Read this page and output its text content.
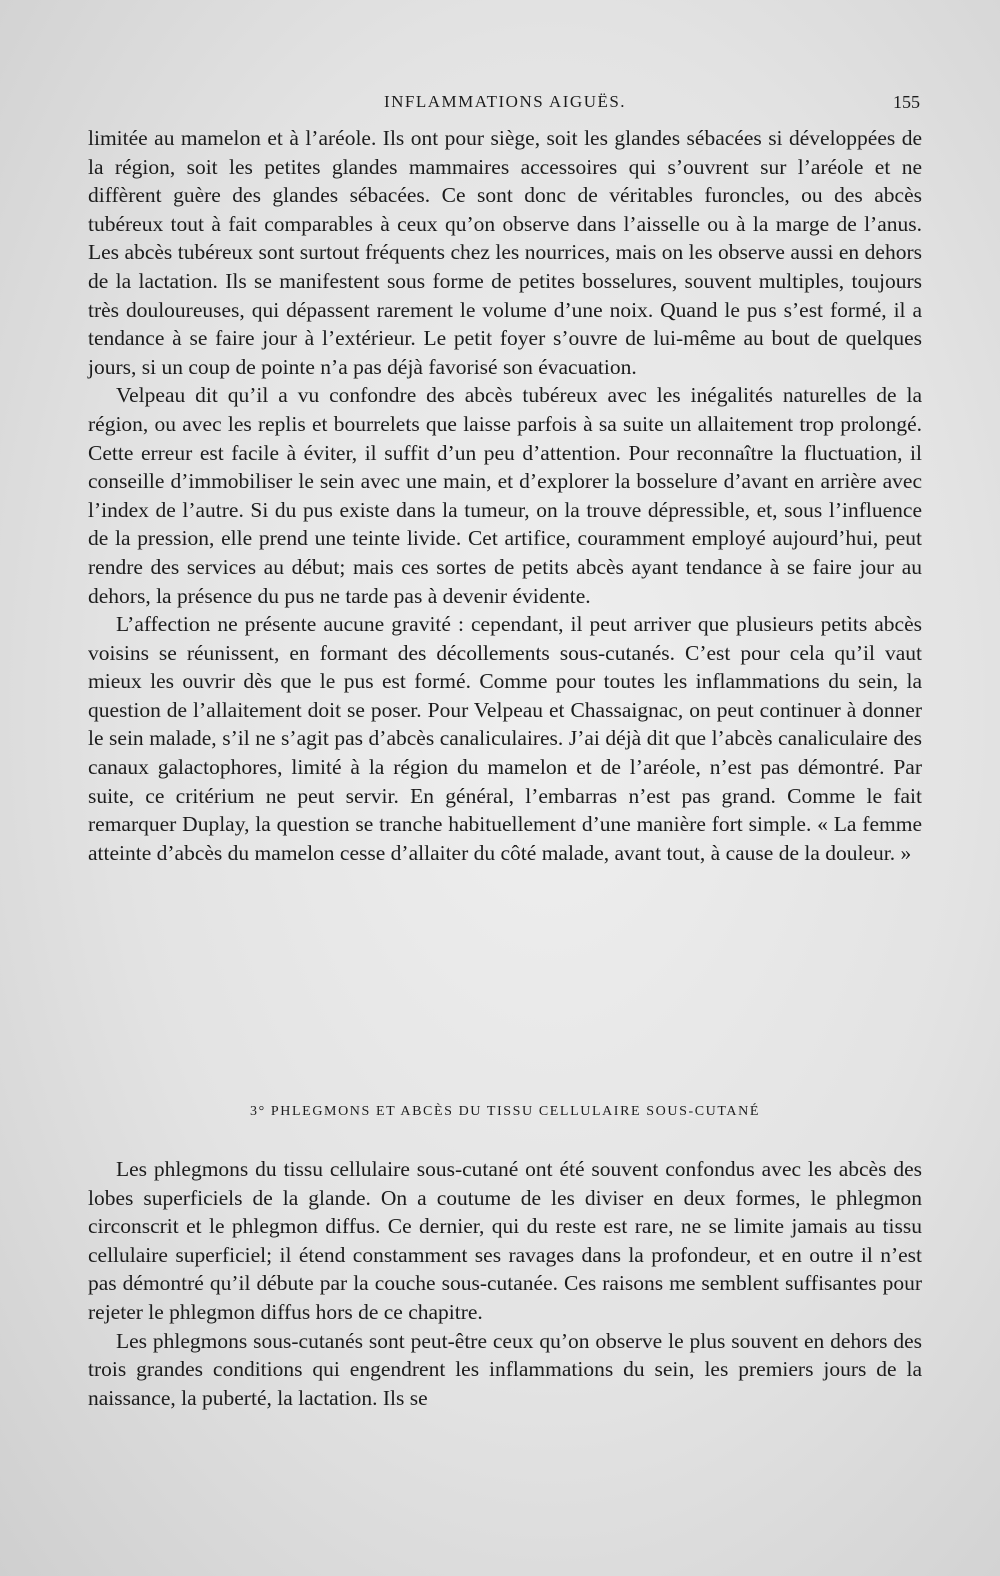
INFLAMMATIONS AIGUËS.	155

limitée au mamelon et à l’aréole. Ils ont pour siège, soit les glandes sébacées si développées de la région, soit les petites glandes mammaires accessoires qui s’ouvrent sur l’aréole et ne diffèrent guère des glandes sébacées. Ce sont donc de véritables furoncles, ou des abcès tubéreux tout à fait comparables à ceux qu’on observe dans l’aisselle ou à la marge de l’anus. Les abcès tubéreux sont surtout fréquents chez les nourrices, mais on les observe aussi en dehors de la lactation. Ils se manifestent sous forme de petites bosselures, souvent multiples, toujours très douloureuses, qui dépassent rarement le volume d’une noix. Quand le pus s’est formé, il a tendance à se faire jour à l’extérieur. Le petit foyer s’ouvre de lui-même au bout de quelques jours, si un coup de pointe n’a pas déjà favorisé son évacuation.

Velpeau dit qu’il a vu confondre des abcès tubéreux avec les inégalités naturelles de la région, ou avec les replis et bourrelets que laisse parfois à sa suite un allaitement trop prolongé. Cette erreur est facile à éviter, il suffit d’un peu d’attention. Pour reconnaître la fluctuation, il conseille d’immobiliser le sein avec une main, et d’explorer la bosselure d’avant en arrière avec l’index de l’autre. Si du pus existe dans la tumeur, on la trouve dépressible, et, sous l’influence de la pression, elle prend une teinte livide. Cet artifice, couramment employé aujourd’hui, peut rendre des services au début; mais ces sortes de petits abcès ayant tendance à se faire jour au dehors, la présence du pus ne tarde pas à devenir évidente.

L’affection ne présente aucune gravité : cependant, il peut arriver que plusieurs petits abcès voisins se réunissent, en formant des décollements sous-cutanés. C’est pour cela qu’il vaut mieux les ouvrir dès que le pus est formé. Comme pour toutes les inflammations du sein, la question de l’allaitement doit se poser. Pour Velpeau et Chassaignac, on peut continuer à donner le sein malade, s’il ne s’agit pas d’abcès canaliculaires. J’ai déjà dit que l’abcès canaliculaire des canaux galactophores, limité à la région du mamelon et de l’aréole, n’est pas démontré. Par suite, ce critérium ne peut servir. En général, l’embarras n’est pas grand. Comme le fait remarquer Duplay, la question se tranche habituellement d’une manière fort simple. « La femme atteinte d’abcès du mamelon cesse d’allaiter du côté malade, avant tout, à cause de la douleur. »

3° PHLEGMONS ET ABCÈS DU TISSU CELLULAIRE SOUS-CUTANÉ

Les phlegmons du tissu cellulaire sous-cutané ont été souvent confondus avec les abcès des lobes superficiels de la glande. On a coutume de les diviser en deux formes, le phlegmon circonscrit et le phlegmon diffus. Ce dernier, qui du reste est rare, ne se limite jamais au tissu cellulaire superficiel; il étend constamment ses ravages dans la profondeur, et en outre il n’est pas démontré qu’il débute par la couche sous-cutanée. Ces raisons me semblent suffisantes pour rejeter le phlegmon diffus hors de ce chapitre.

Les phlegmons sous-cutanés sont peut-être ceux qu’on observe le plus souvent en dehors des trois grandes conditions qui engendrent les inflammations du sein, les premiers jours de la naissance, la puberté, la lactation. Ils se
